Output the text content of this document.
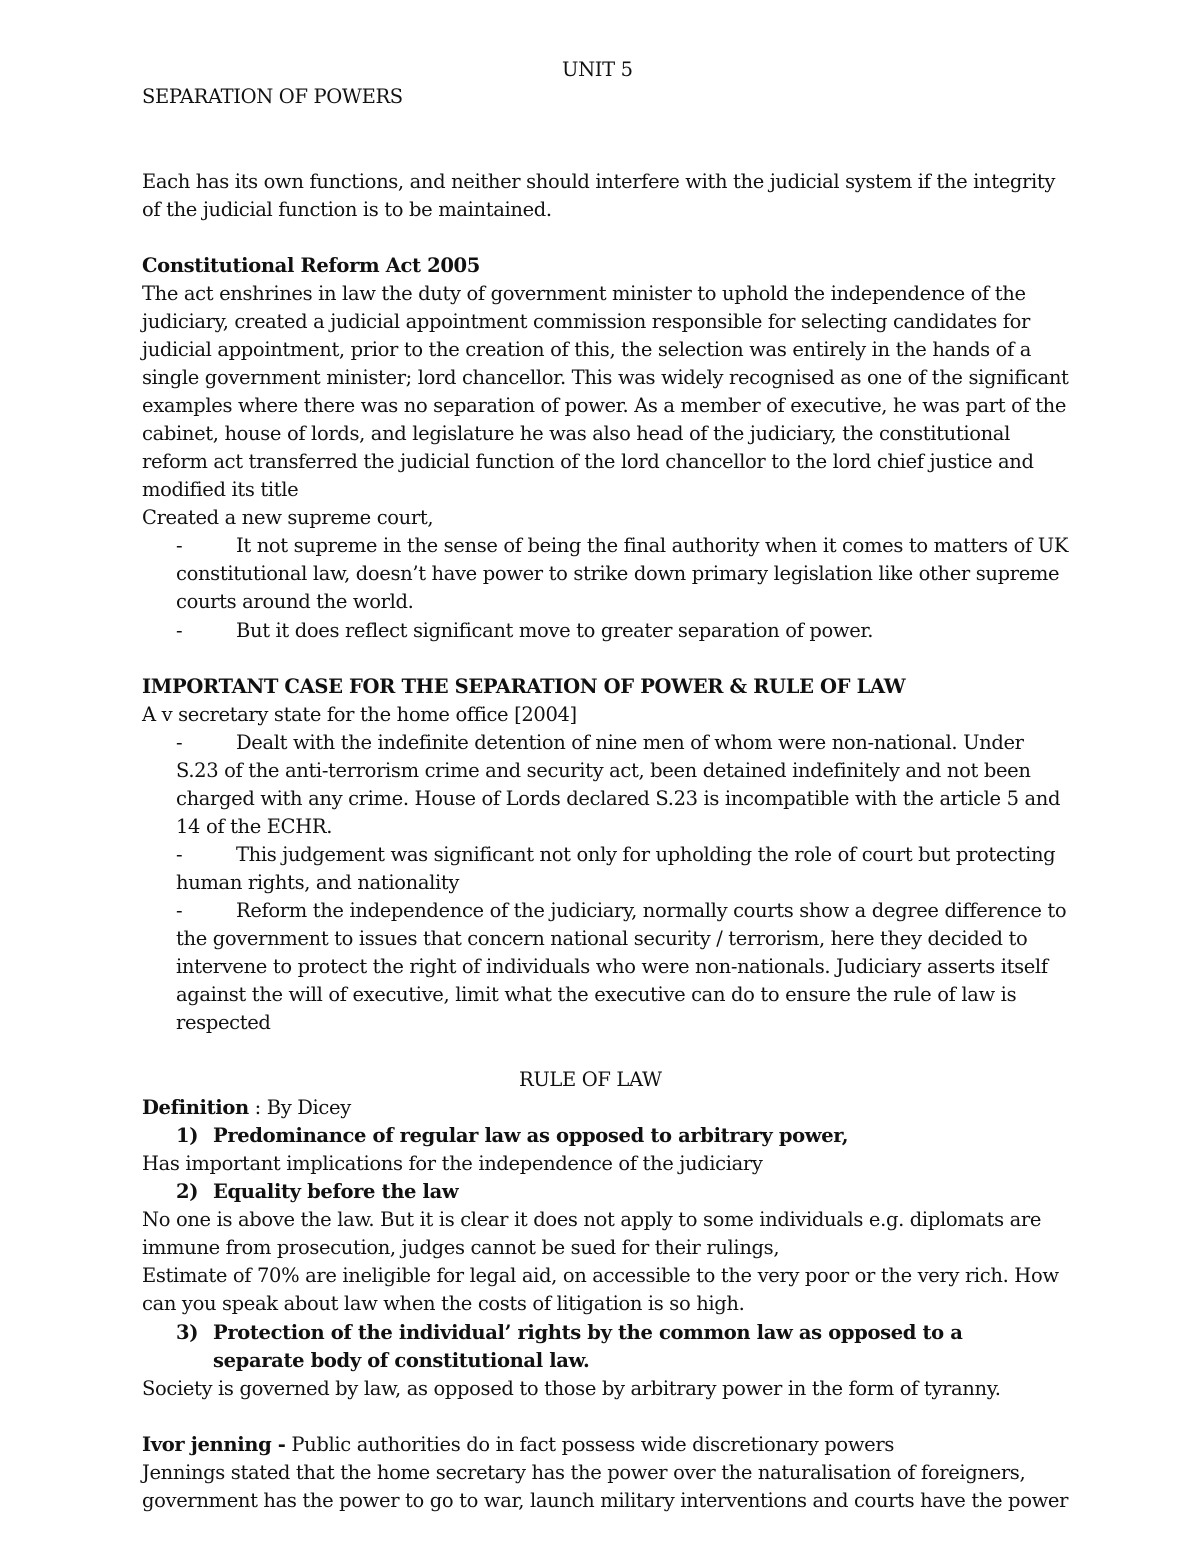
UNIT 5
SEPARATION OF POWERS
Each has its own functions, and neither should interfere with the judicial system if the integrity
of the judicial function is to be maintained.
Constitutional Reform Act 2005
The act enshrines in law the duty of government minister to uphold the independence of the
judiciary, created a judicial appointment commission responsible for selecting candidates for
judicial appointment, prior to the creation of this, the selection was entirely in the hands of a
single government minister; lord chancellor. This was widely recognised as one of the significant
examples where there was no separation of power. As a member of executive, he was part of the
cabinet, house of lords, and legislature he was also head of the judiciary, the constitutional
reform act transferred the judicial function of the lord chancellor to the lord chief justice and
modified its title
Created a new supreme court,
-	It not supreme in the sense of being the final authority when it comes to matters of UK
constitutional law, doesn’t have power to strike down primary legislation like other supreme
courts around the world.
-	But it does reflect significant move to greater separation of power.
IMPORTANT CASE FOR THE SEPARATION OF POWER & RULE OF LAW
A v secretary state for the home office [2004]
-	Dealt with the indefinite detention of nine men of whom were non-national. Under
S.23 of the anti-terrorism crime and security act, been detained indefinitely and not been
charged with any crime. House of Lords declared S.23 is incompatible with the article 5 and
14 of the ECHR.
-	This judgement was significant not only for upholding the role of court but protecting
human rights, and nationality
-	Reform the independence of the judiciary, normally courts show a degree difference to
the government to issues that concern national security / terrorism, here they decided to
intervene to protect the right of individuals who were non-nationals. Judiciary asserts itself
against the will of executive, limit what the executive can do to ensure the rule of law is
respected
RULE OF LAW
Definition : By Dicey
1) Predominance of regular law as opposed to arbitrary power,
Has important implications for the independence of the judiciary
2) Equality before the law
No one is above the law. But it is clear it does not apply to some individuals e.g. diplomats are
immune from prosecution, judges cannot be sued for their rulings,
Estimate of 70% are ineligible for legal aid, on accessible to the very poor or the very rich. How
can you speak about law when the costs of litigation is so high.
3) Protection of the individual’ rights by the common law as opposed to a
separate body of constitutional law.
Society is governed by law, as opposed to those by arbitrary power in the form of tyranny.
Ivor jenning - Public authorities do in fact possess wide discretionary powers
Jennings stated that the home secretary has the power over the naturalisation of foreigners,
government has the power to go to war, launch military interventions and courts have the power
